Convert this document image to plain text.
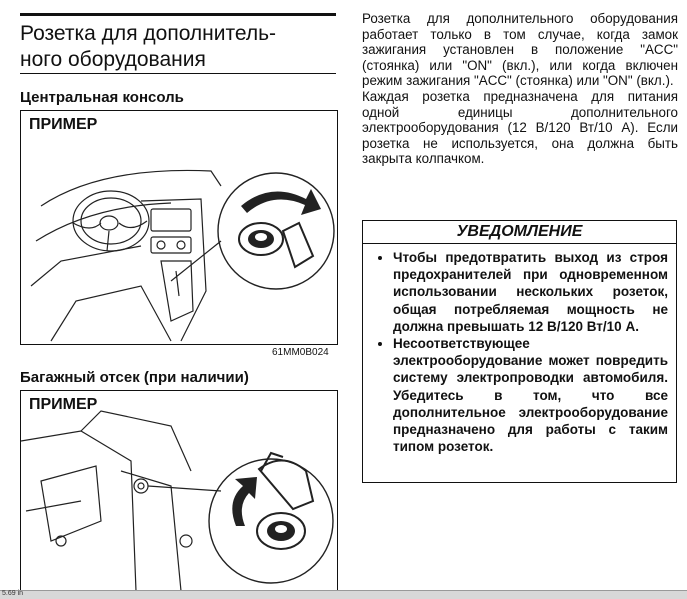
Розетка для дополнитель-
ного оборудования
Центральная консоль
ПРИМЕР
61MM0B024
Багажный отсек (при наличии)
ПРИМЕР

Розетка для дополнительного оборудования работает только в том случае, когда замок зажигания установлен в положение "ACC" (стоянка) или "ON" (вкл.), или когда включен режим зажигания "ACC" (стоянка) или "ON" (вкл.).

Каждая розетка предназначена для питания одной единицы дополнительного электрооборудования (12 В/120 Вт/10 А). Если розетка не используется, она должна быть закрыта колпачком.

УВЕДОМЛЕНИЕ
• Чтобы предотвратить выход из строя предохранителей при одновременном использовании нескольких розеток, общая потребляемая мощность не должна превышать 12 В/120 Вт/10 А.
• Несоответствующее электрооборудование может повредить систему электропроводки автомобиля. Убедитесь в том, что все дополнительное электрооборудование предназначено для работы с таким типом розеток.
5.69 in
